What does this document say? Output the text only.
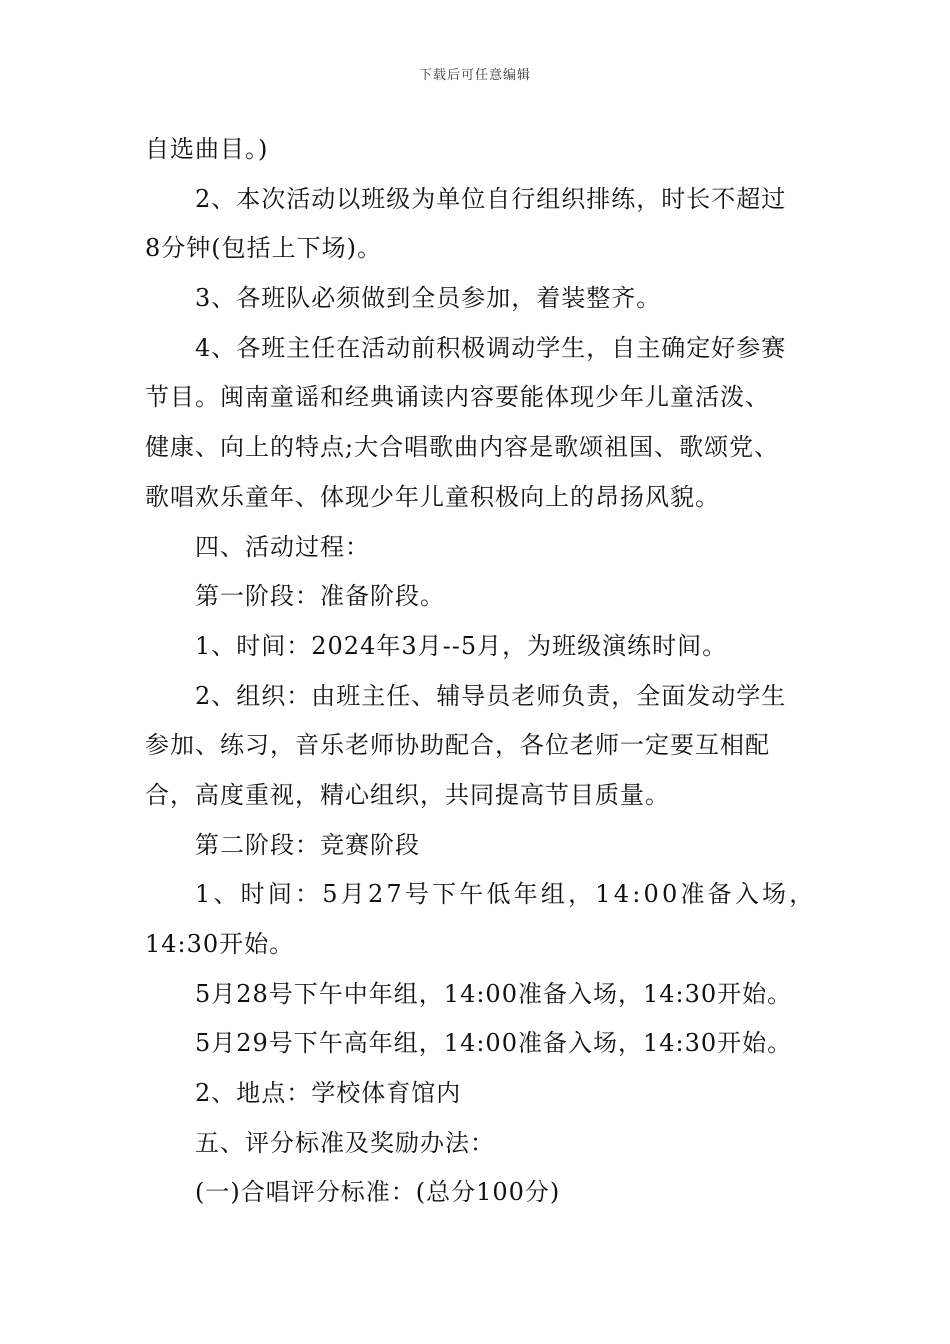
下载后可任意编辑
自选曲目。)
2、本次活动以班级为单位自行组织排练，时长不超过
8分钟(包括上下场)。
3、各班队必须做到全员参加，着装整齐。
4、各班主任在活动前积极调动学生，自主确定好参赛
节目。闽南童谣和经典诵读内容要能体现少年儿童活泼、
健康、向上的特点;大合唱歌曲内容是歌颂祖国、歌颂党、
歌唱欢乐童年、体现少年儿童积极向上的昂扬风貌。
四、活动过程：
第一阶段：准备阶段。
1、时间：2024年3月--5月，为班级演练时间。
2、组织：由班主任、辅导员老师负责，全面发动学生
参加、练习，音乐老师协助配合，各位老师一定要互相配
合，高度重视，精心组织，共同提高节目质量。
第二阶段：竞赛阶段
1、时间：5月27号下午低年组，14:00准备入场，
14:30开始。
5月28号下午中年组，14:00准备入场，14:30开始。
5月29号下午高年组，14:00准备入场，14:30开始。
2、地点：学校体育馆内
五、评分标准及奖励办法：
(一)合唱评分标准：(总分100分)
